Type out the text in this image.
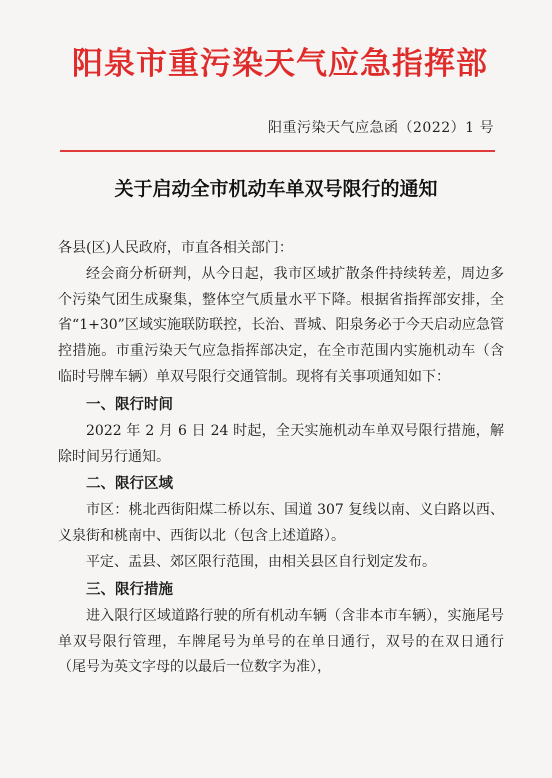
阳泉市重污染天气应急指挥部
阳重污染天气应急函（2022）1 号
关于启动全市机动车单双号限行的通知

各县(区)人民政府，市直各相关部门：

经会商分析研判，从今日起，我市区域扩散条件持续转差，周边多个污染气团生成聚集，整体空气质量水平下降。根据省指挥部安排，全省“1+30”区域实施联防联控，长治、晋城、阳泉务必于今天启动应急管控措施。市重污染天气应急指挥部决定，在全市范围内实施机动车（含临时号牌车辆）单双号限行交通管制。现将有关事项通知如下：

一、限行时间

2022 年 2 月 6 日 24 时起，全天实施机动车单双号限行措施，解除时间另行通知。

二、限行区域

市区：桃北西街阳煤二桥以东、国道 307 复线以南、义白路以西、义泉街和桃南中、西街以北（包含上述道路）。

平定、盂县、郊区限行范围，由相关县区自行划定发布。

三、限行措施

进入限行区域道路行驶的所有机动车辆（含非本市车辆），实施尾号单双号限行管理，车牌尾号为单号的在单日通行，双号的在双日通行（尾号为英文字母的以最后一位数字为准），
